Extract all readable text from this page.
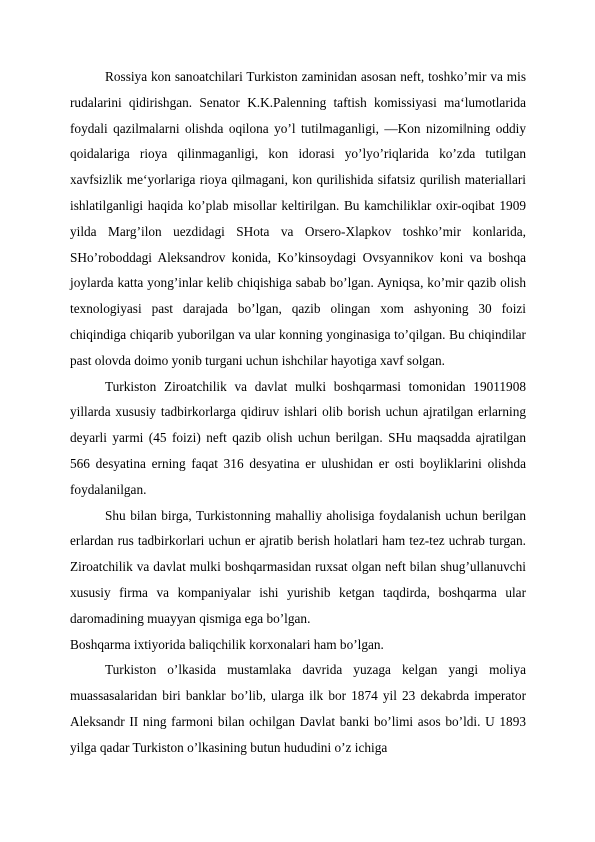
Rossiya kon sanoatchilari Turkiston zaminidan asosan neft, toshko’mir va mis rudalarini qidirishgan. Senator K.K.Palenning taftish komissiyasi ma‘lumotlarida foydali qazilmalarni olishda oqilona yo’l tutilmaganligi, ―Kon nizomi‖ning oddiy qoidalariga rioya qilinmaganligi, kon idorasi yo’lyo’riqlarida ko’zda tutilgan xavfsizlik me‘yorlariga rioya qilmagani, kon qurilishida sifatsiz qurilish materiallari ishlatilganligi haqida ko’plab misollar keltirilgan. Bu kamchiliklar oxir-oqibat 1909 yilda Marg’ilon uezdidagi SHota va Orsero-Xlapkov toshko’mir konlarida, SHo’roboddagi Aleksandrov konida, Ko’kinsoydagi Ovsyannikov koni va boshqa joylarda katta yong’inlar kelib chiqishiga sabab bo’lgan. Ayniqsa, ko’mir qazib olish texnologiyasi past darajada bo’lgan, qazib olingan xom ashyoning 30 foizi chiqindiga chiqarib yuborilgan va ular konning yonginasiga to’qilgan. Bu chiqindilar past olovda doimo yonib turgani uchun ishchilar hayotiga xavf solgan.

Turkiston Ziroatchilik va davlat mulki boshqarmasi tomonidan 19011908 yillarda xususiy tadbirkorlarga qidiruv ishlari olib borish uchun ajratilgan erlarning deyarli yarmi (45 foizi) neft qazib olish uchun berilgan. SHu maqsadda ajratilgan 566 desyatina erning faqat 316 desyatina er ulushidan er osti boyliklarini olishda foydalanilgan.

Shu bilan birga, Turkistonning mahalliy aholisiga foydalanish uchun berilgan erlardan rus tadbirkorlari uchun er ajratib berish holatlari ham tez-tez uchrab turgan. Ziroatchilik va davlat mulki boshqarmasidan ruxsat olgan neft bilan shug’ullanuvchi xususiy firma va kompaniyalar ishi yurishib ketgan taqdirda, boshqarma ular daromadining muayyan qismiga ega bo’lgan.

Boshqarma ixtiyorida baliqchilik korxonalari ham bo’lgan.

Turkiston o’lkasida mustamlaka davrida yuzaga kelgan yangi moliya muassasalaridan biri banklar bo’lib, ularga ilk bor 1874 yil 23 dekabrda imperator Aleksandr II ning farmoni bilan ochilgan Davlat banki bo’limi asos bo’ldi. U 1893 yilga qadar Turkiston o’lkasining butun hududini o’z ichiga
